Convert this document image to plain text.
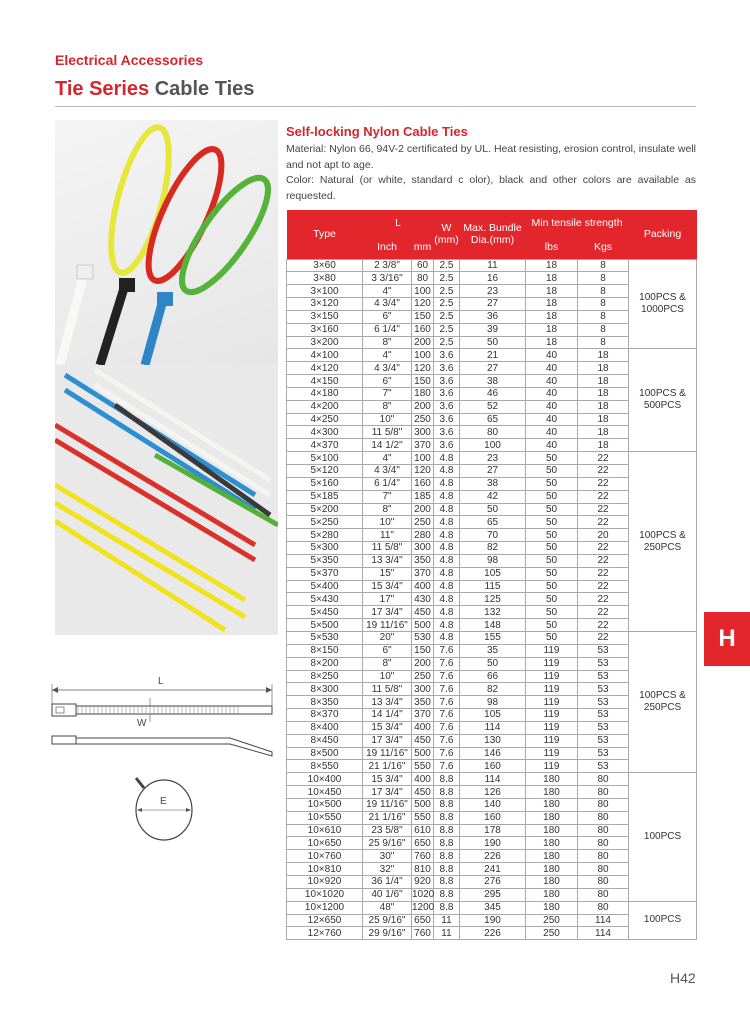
Electrical Accessories
Tie Series Cable Ties
Self-locking Nylon Cable Ties

Material: Nylon 66, 94V-2 certificated by UL. Heat resisting, erosion control, insulate well and not apt to age.

Color: Natural (or white, standard c olor), black and other colors are available as requested.

Type	L		W (mm)	Max. Bundle Dia.(mm)	Min tensile strength		Packing
	Inch	mm			lbs	Kgs	
3×60	2 3/8"	60	2.5	11	18	8	100PCS & 1000PCS
3×80	3 3/16"	80	2.5	16	18	8	
3×100	4"	100	2.5	23	18	8	
3×120	4 3/4"	120	2.5	27	18	8	
3×150	6"	150	2.5	36	18	8	
3×160	6 1/4"	160	2.5	39	18	8	
3×200	8"	200	2.5	50	18	8	
4×100	4"	100	3.6	21	40	18	100PCS & 500PCS
4×120	4 3/4"	120	3.6	27	40	18	
4×150	6"	150	3.6	38	40	18	
4×180	7"	180	3.6	46	40	18	
4×200	8"	200	3.6	52	40	18	
4×250	10"	250	3.6	65	40	18	
4×300	11 5/8"	300	3.6	80	40	18	
4×370	14 1/2"	370	3.6	100	40	18	
5×100	4"	100	4.8	23	50	22	100PCS & 250PCS
5×120	4 3/4"	120	4.8	27	50	22	
5×160	6 1/4"	160	4.8	38	50	22	
5×185	7"	185	4.8	42	50	22	
5×200	8"	200	4.8	50	50	22	
5×250	10"	250	4.8	65	50	22	
5×280	11"	280	4.8	70	50	20	
5×300	11 5/8"	300	4.8	82	50	22	
5×350	13 3/4"	350	4.8	98	50	22	
5×370	15"	370	4.8	105	50	22	
5×400	15 3/4"	400	4.8	115	50	22	
5×430	17"	430	4.8	125	50	22	
5×450	17 3/4"	450	4.8	132	50	22	
5×500	19 11/16"	500	4.8	148	50	22	
5×530	20"	530	4.8	155	50	22	100PCS & 250PCS
8×150	6"	150	7.6	35	119	53	
8×200	8"	200	7.6	50	119	53	
8×250	10"	250	7.6	66	119	53	
8×300	11 5/8"	300	7.6	82	119	53	
8×350	13 3/4"	350	7.6	98	119	53	
8×370	14 1/4"	370	7.6	105	119	53	
8×400	15 3/4"	400	7.6	114	119	53	
8×450	17 3/4"	450	7.6	130	119	53	
8×500	19 11/16"	500	7.6	146	119	53	
8×550	21 1/16"	550	7.6	160	119	53	
10×400	15 3/4"	400	8.8	114	180	80	100PCS
10×450	17 3/4"	450	8.8	126	180	80	
10×500	19 11/16"	500	8.8	140	180	80	
10×550	21 1/16"	550	8.8	160	180	80	
10×610	23 5/8"	610	8.8	178	180	80	
10×650	25 9/16"	650	8.8	190	180	80	
10×760	30"	760	8.8	226	180	80	
10×810	32"	810	8.8	241	180	80	
10×920	36 1/4"	920	8.8	276	180	80	
10×1020	40 1/6"	1020	8.8	295	180	80	
10×1200	48"	1200	8.8	345	180	80	100PCS
12×650	25 9/16"	650	11	190	250	114	
12×760	29 9/16"	760	11	226	250	114	
L
W
E
H
H42
